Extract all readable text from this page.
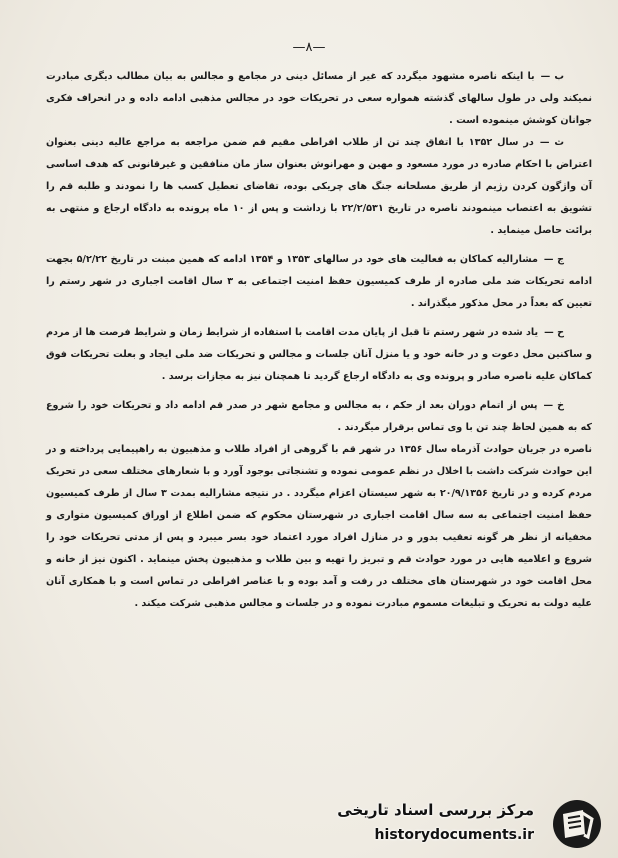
—۸—

ب —با اینکه ناصره مشهود میگردد که غیر از مسائل دینی در مجامع و مجالس به بیان مطالب دیگری مبادرت نمیکند ولی در طول سالهای گذشته همواره سعی در تحریکات خود در مجالس مذهبی ادامه داده و در انحراف فکری جوانان کوشش مینموده است .

ث —در سال ۱۳۵۲ با اتفاق چند تن از طلاب افراطی مقیم قم ضمن مراجعه به مراجع عالیه دینی بعنوان اعتراض با احکام صادره در مورد مسعود و مهین و مهرانوش بعنوان ساز مان منافقین و غیرقانونی که هدف اساسی آن واژگون کردن رژیم از طریق مسلحانه جنگ های چریکی بوده، تقاضای تعطیل کسب ها را نمودند و طلبه قم را تشویق به اعتصاب مینمودند ناصره در تاریخ ۲۲/۲/۵۳۱ با زداشت و پس از ۱۰ ماه پرونده به دادگاه ارجاع و منتهی به برائت حاصل مینماید .

ج —مشارالیه کماکان به فعالیت های خود در سالهای ۱۳۵۳ و ۱۳۵۴ ادامه که همین مبنت در تاریخ ۵/۲/۲۲ بجهت ادامه تحریکات ضد ملی صادره از طرف کمیسیون حفظ امنیت اجتماعی به ۳ سال اقامت اجباری در شهر رستم را تعیین که بعداً در محل مذکور میگذراند .

ح —یاد شده در شهر رستم تا قبل از پایان مدت اقامت با استفاده از شرایط زمان و شرایط فرصت ها از مردم و ساکنین محل دعوت و در خانه خود و یا منزل آنان جلسات و مجالس و تحریکات ضد ملی ایجاد و بعلت تحریکات فوق کماکان علیه ناصره صادر و پرونده وی به دادگاه ارجاع گردید تا همچنان نیز به مجازات برسد .

خ —پس از اتمام دوران بعد از حکم ، به مجالس و مجامع شهر در صدر قم ادامه داد و تحریکات خود را شروع که به همین لحاظ چند تن با وی تماس برقرار میگردند .

ناصره در جریان حوادث آذرماه سال ۱۳۵۶ در شهر قم با گروهی از افراد طلاب و مذهبیون به راهپیمایی پرداخته و در این حوادث شرکت داشت با اخلال در نظم عمومی نموده و تشنجاتی بوجود آورد و با شعارهای مختلف سعی در تحریک مردم کرده و در تاریخ ۲۰/۹/۱۳۵۶ به شهر سیستان اعزام میگردد . در نتیجه مشارالیه بمدت ۳ سال از طرف کمیسیون حفظ امنیت اجتماعی به سه سال اقامت اجباری در شهرستان محکوم که ضمن اطلاع از اوراق کمیسیون متواری و مخفیانه از نظر هر گونه تعقیب بدور و در منازل افراد مورد اعتماد خود بسر میبرد و پس از مدتی تحریکات خود را شروع و اعلامیه هایی در مورد حوادث قم و تبریز را تهیه و بین طلاب و مذهبیون پخش مینماید . اکنون نیز از خانه و محل اقامت خود در شهرستان های مختلف در رفت و آمد بوده و با عناصر افراطی در تماس است و با همکاری آنان علیه دولت به تحریک و تبلیغات مسموم مبادرت نموده و در جلسات و مجالس مذهبی شرکت میکند .

مرکز بررسی اسناد تاریخی
historydocuments.ir
